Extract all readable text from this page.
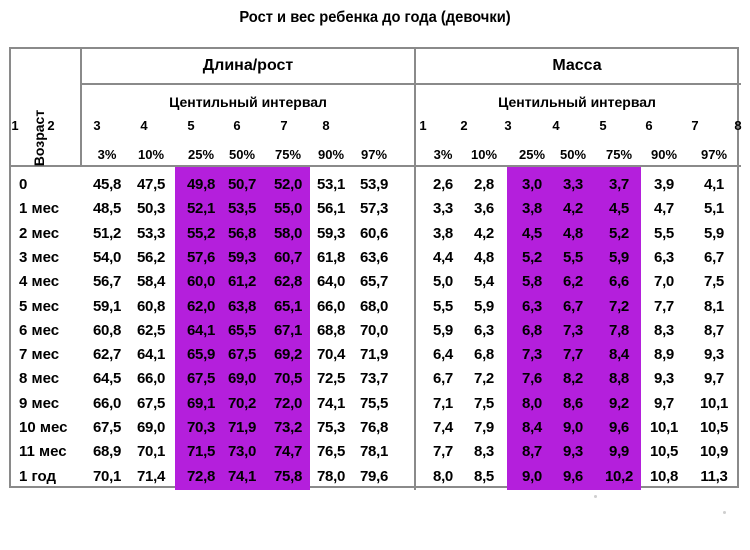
Рост и вес ребенка до года (девочки)
Возраст
Длина/рост	Масса
Центильный интервал	Центильный интервал
1 2	3	4	5	6	7	8	1	2	3	4	5	6	7	8
3% 10% 25% 50% 75% 90% 97%	3% 10% 25% 50% 75% 90% 97%
0	45,8 47,5 49,8 50,7 52,0 53,1 53,9	2,6 2,8 3,0 3,3 3,7 3,9 4,1
1 мес 48,5 50,3 52,1 53,5 55,0 56,1 57,3	3,3 3,6 3,8 4,2 4,5 4,7 5,1
2 мес 51,2 53,3 55,2 56,8 58,0 59,3 60,6	3,8 4,2 4,5 4,8 5,2 5,5 5,9
3 мес 54,0 56,2 57,6 59,3 60,7 61,8 63,6	4,4 4,8 5,2 5,5 5,9 6,3 6,7
4 мес 56,7 58,4 60,0 61,2 62,8 64,0 65,7	5,0 5,4 5,8 6,2 6,6 7,0 7,5
5 мес 59,1 60,8 62,0 63,8 65,1 66,0 68,0	5,5 5,9 6,3 6,7 7,2 7,7 8,1
6 мес 60,8 62,5 64,1 65,5 67,1 68,8 70,0	5,9 6,3 6,8 7,3 7,8 8,3 8,7
7 мес 62,7 64,1 65,9 67,5 69,2 70,4 71,9	6,4 6,8 7,3 7,7 8,4 8,9 9,3
8 мес 64,5 66,0 67,5 69,0 70,5 72,5 73,7	6,7 7,2 7,6 8,2 8,8 9,3 9,7
9 мес 66,0 67,5 69,1 70,2 72,0 74,1 75,5	7,1 7,5 8,0 8,6 9,2 9,7 10,1
10 мес 67,5 69,0 70,3 71,9 73,2 75,3 76,8	7,4 7,9 8,4 9,0 9,6 10,1 10,5
11 мес 68,9 70,1 71,5 73,0 74,7 76,5 78,1	7,7 8,3 8,7 9,3 9,9 10,5 10,9
1 год 70,1 71,4 72,8 74,1 75,8 78,0 79,6	8,0 8,5 9,0 9,6 10,2 10,8 11,3
